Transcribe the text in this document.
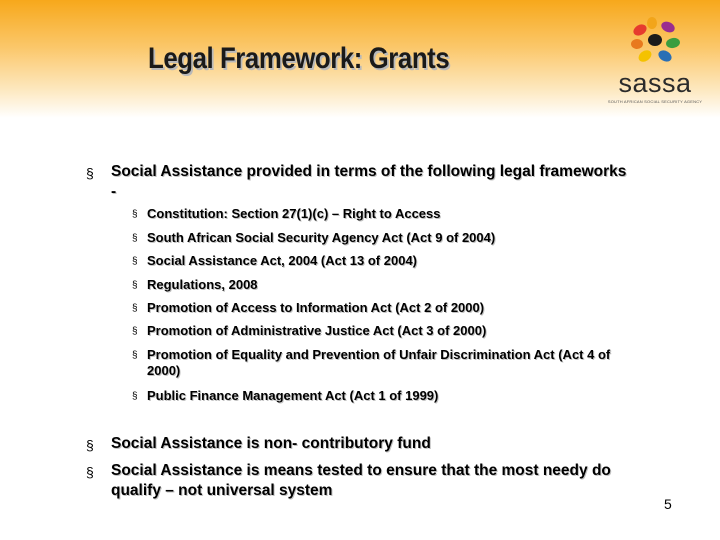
Legal Framework: Grants
sassa
SOUTH AFRICAN SOCIAL SECURITY AGENCY
§ Social Assistance provided in terms of the following legal frameworks
-
§ Constitution: Section 27(1)(c) – Right to Access
§ South African Social Security Agency Act (Act 9 of 2004)
§ Social Assistance Act, 2004 (Act 13 of 2004)
§ Regulations, 2008
§ Promotion of Access to Information Act (Act 2 of 2000)
§ Promotion of Administrative Justice Act (Act 3 of 2000)
§ Promotion of Equality and Prevention of Unfair Discrimination Act (Act 4 of 2000)
§ Public Finance Management Act (Act 1 of 1999)
§ Social Assistance is non- contributory fund
§ Social Assistance is means tested to ensure that the most needy do qualify – not universal system
5
